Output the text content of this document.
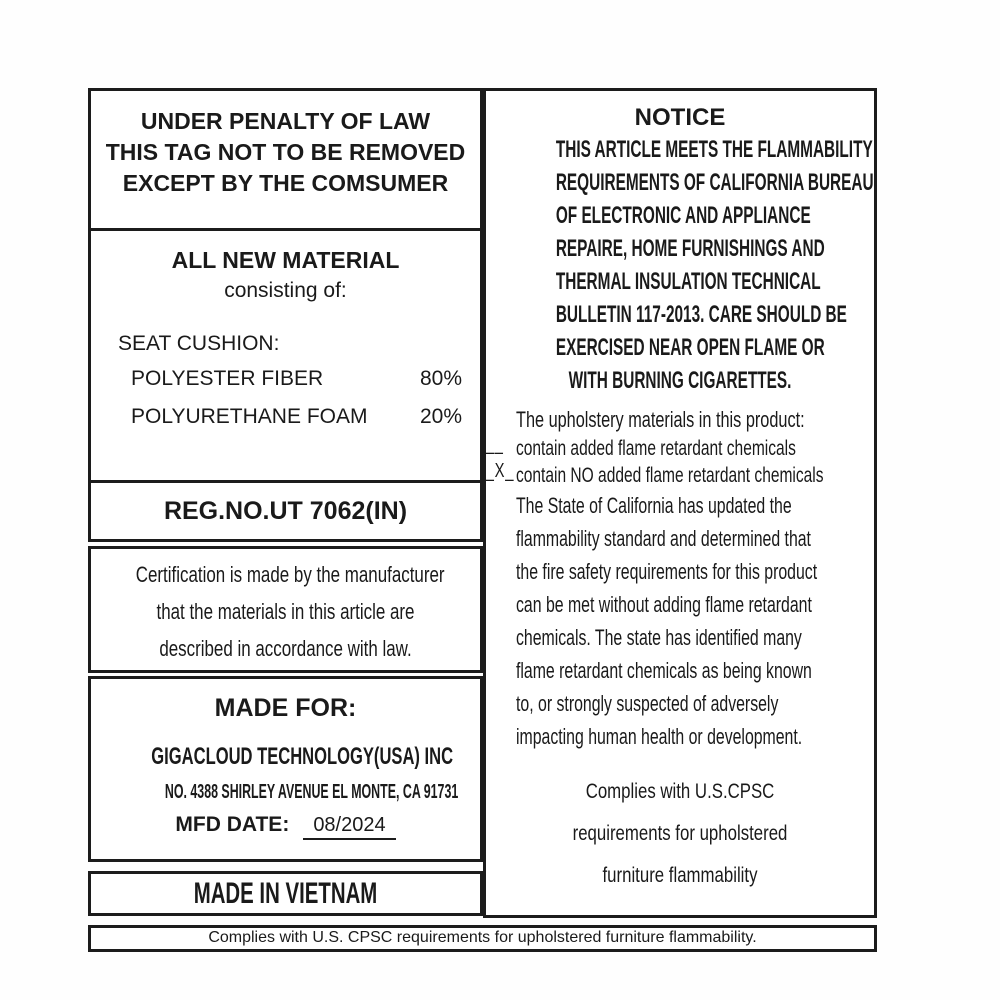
UNDER PENALTY OF LAW
THIS TAG NOT TO BE REMOVED
EXCEPT BY THE COMSUMER
ALL NEW MATERIAL
consisting of:
SEAT CUSHION:
POLYESTER FIBER	80%
POLYURETHANE FOAM 20%
REG.NO.UT 7062(IN)
Certification is made by the manufacturer
that the materials in this article are
described in accordance with law.
MADE FOR:
GIGACLOUD TECHNOLOGY(USA) INC
NO. 4388 SHIRLEY AVENUE EL MONTE, CA 91731
MFD DATE:	08/2024
MADE IN VIETNAM
NOTICE
THIS ARTICLE MEETS THE FLAMMABILITY
REQUIREMENTS OF CALIFORNIA BUREAU
OF ELECTRONIC AND APPLIANCE
REPAIRE, HOME FURNISHINGS AND
THERMAL INSULATION TECHNICAL
BULLETIN 117-2013. CARE SHOULD BE
EXERCISED NEAR OPEN FLAME OR
WITH BURNING CIGARETTES.
The upholstery materials in this product:
__ contain added flame retardant chemicals
_X_ contain NO added flame retardant chemicals
The State of California has updated the
flammability standard and determined that
the fire safety requirements for this product
can be met without adding flame retardant
chemicals. The state has identified many
flame retardant chemicals as being known
to, or strongly suspected of adversely
impacting human health or development.
Complies with U.S.CPSC
requirements for upholstered
furniture flammability
Complies with U.S. CPSC requirements for upholstered furniture flammability.
